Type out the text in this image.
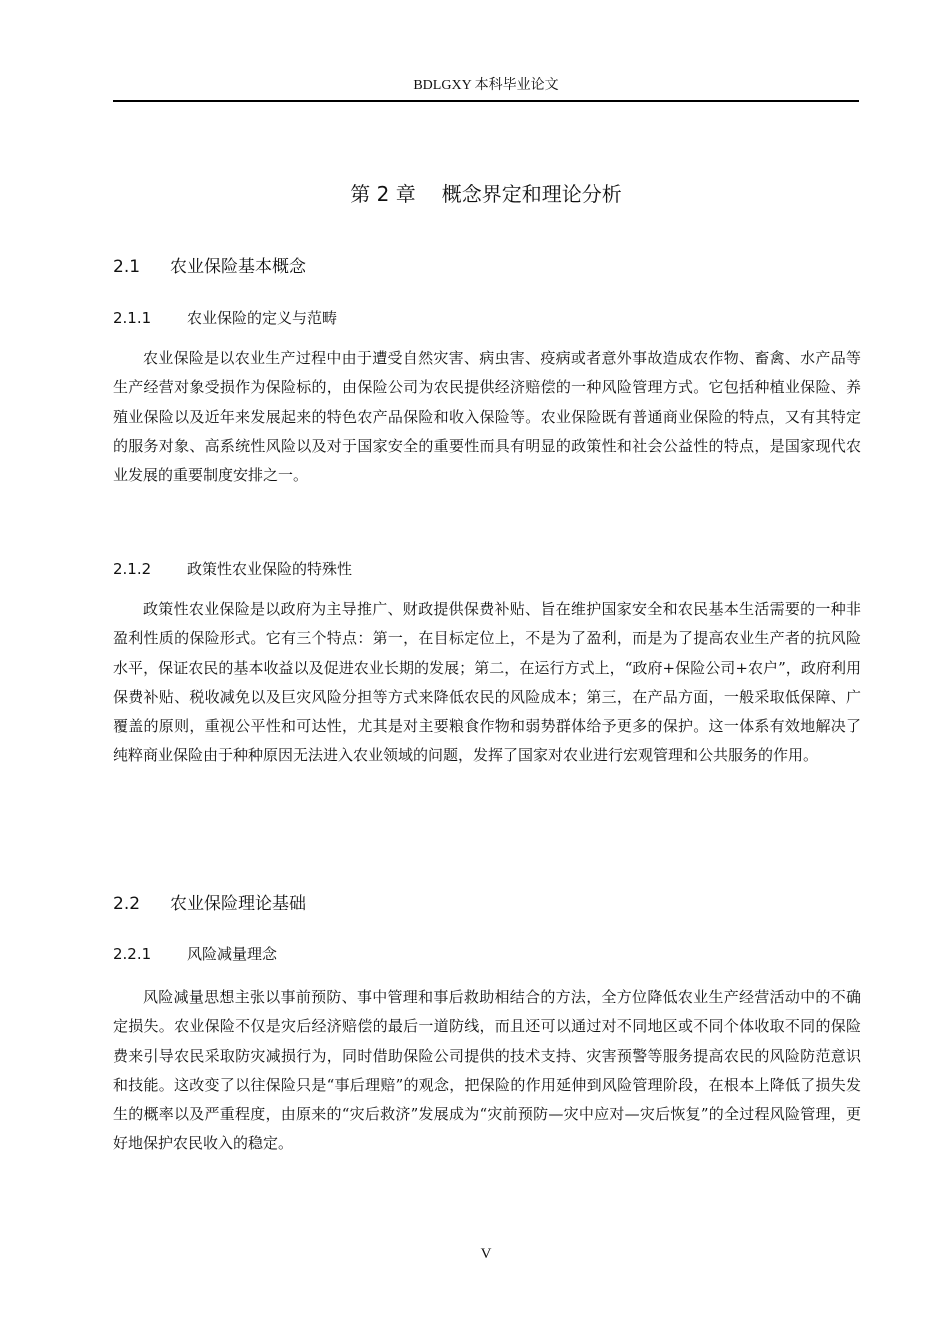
BDLGXY 本科毕业论文
第 2 章 概念界定和理论分析
2.1 农业保险基本概念
2.1.1 农业保险的定义与范畴
农业保险是以农业生产过程中由于遭受自然灾害、病虫害、疫病或者意外事故造成农作物、畜禽、水产品等生产经营对象受损作为保险标的，由保险公司为农民提供经济赔偿的一种风险管理方式。它包括种植业保险、养殖业保险以及近年来发展起来的特色农产品保险和收入保险等。农业保险既有普通商业保险的特点，又有其特定的服务对象、高系统性风险以及对于国家安全的重要性而具有明显的政策性和社会公益性的特点，是国家现代农业发展的重要制度安排之一。
2.1.2 政策性农业保险的特殊性
政策性农业保险是以政府为主导推广、财政提供保费补贴、旨在维护国家安全和农民基本生活需要的一种非盈利性质的保险形式。它有三个特点：第一，在目标定位上，不是为了盈利，而是为了提高农业生产者的抗风险水平，保证农民的基本收益以及促进农业长期的发展；第二，在运行方式上，“政府+保险公司+农户”，政府利用保费补贴、税收减免以及巨灾风险分担等方式来降低农民的风险成本；第三，在产品方面，一般采取低保障、广覆盖的原则，重视公平性和可达性，尤其是对主要粮食作物和弱势群体给予更多的保护。这一体系有效地解决了纯粹商业保险由于种种原因无法进入农业领域的问题，发挥了国家对农业进行宏观管理和公共服务的作用。
2.2 农业保险理论基础
2.2.1 风险减量理念
风险减量思想主张以事前预防、事中管理和事后救助相结合的方法，全方位降低农业生产经营活动中的不确定损失。农业保险不仅是灾后经济赔偿的最后一道防线，而且还可以通过对不同地区或不同个体收取不同的保险费来引导农民采取防灾减损行为，同时借助保险公司提供的技术支持、灾害预警等服务提高农民的风险防范意识和技能。这改变了以往保险只是“事后理赔”的观念，把保险的作用延伸到风险管理阶段，在根本上降低了损失发生的概率以及严重程度，由原来的“灾后救济”发展成为“灾前预防—灾中应对—灾后恢复”的全过程风险管理，更好地保护农民收入的稳定。
V
